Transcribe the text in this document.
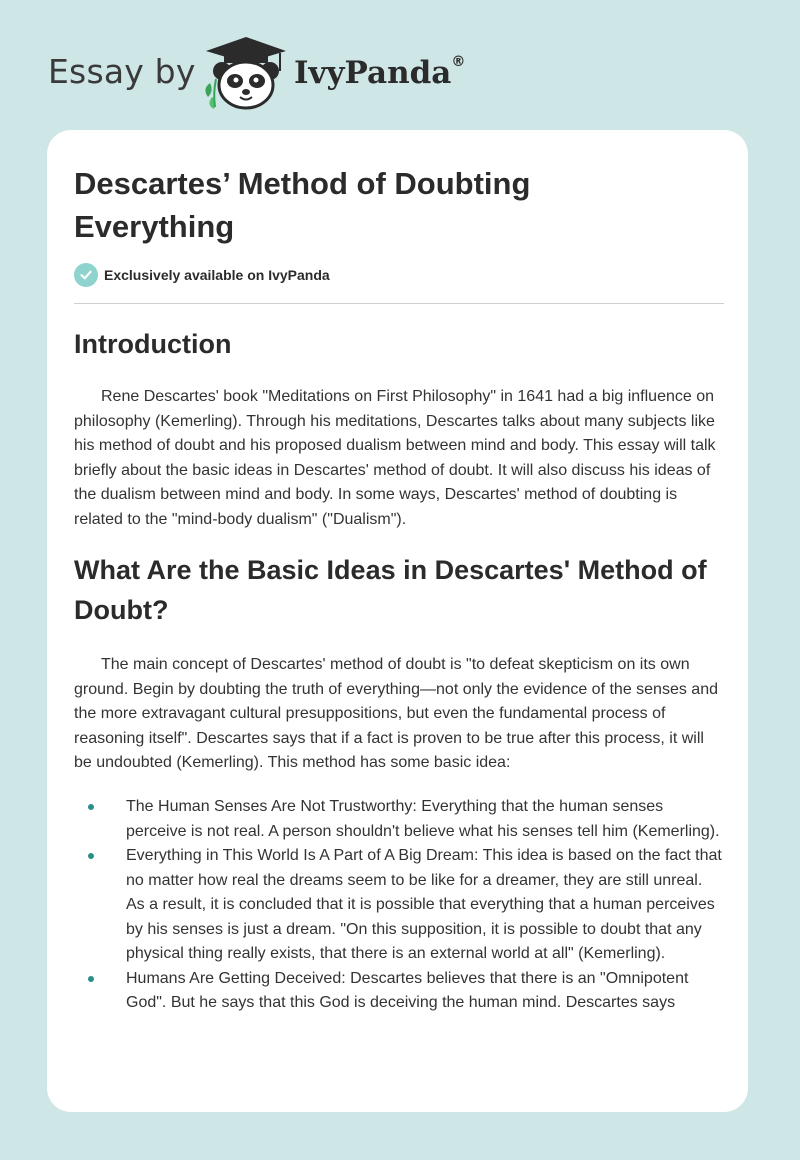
Essay by	IvyPanda®
Descartes’ Method of Doubting Everything
Exclusively available on IvyPanda
Introduction

Rene Descartes' book "Meditations on First Philosophy" in 1641 had a big influence on philosophy (Kemerling). Through his meditations, Descartes talks about many subjects like his method of doubt and his proposed dualism between mind and body. This essay will talk briefly about the basic ideas in Descartes' method of doubt. It will also discuss his ideas of the dualism between mind and body. In some ways, Descartes' method of doubting is related to the "mind-body dualism" ("Dualism").

What Are the Basic Ideas in Descartes' Method of Doubt?

The main concept of Descartes' method of doubt is "to defeat skepticism on its own ground. Begin by doubting the truth of everything—not only the evidence of the senses and the more extravagant cultural presuppositions, but even the fundamental process of reasoning itself". Descartes says that if a fact is proven to be true after this process, it will be undoubted (Kemerling). This method has some basic idea:

The Human Senses Are Not Trustworthy: Everything that the human senses perceive is not real. A person shouldn't believe what his senses tell him (Kemerling).
Everything in This World Is A Part of A Big Dream: This idea is based on the fact that no matter how real the dreams seem to be like for a dreamer, they are still unreal. As a result, it is concluded that it is possible that everything that a human perceives by his senses is just a dream. "On this supposition, it is possible to doubt that any physical thing really exists, that there is an external world at all" (Kemerling).
Humans Are Getting Deceived: Descartes believes that there is an "Omnipotent God". But he says that this God is deceiving the human mind. Descartes says
